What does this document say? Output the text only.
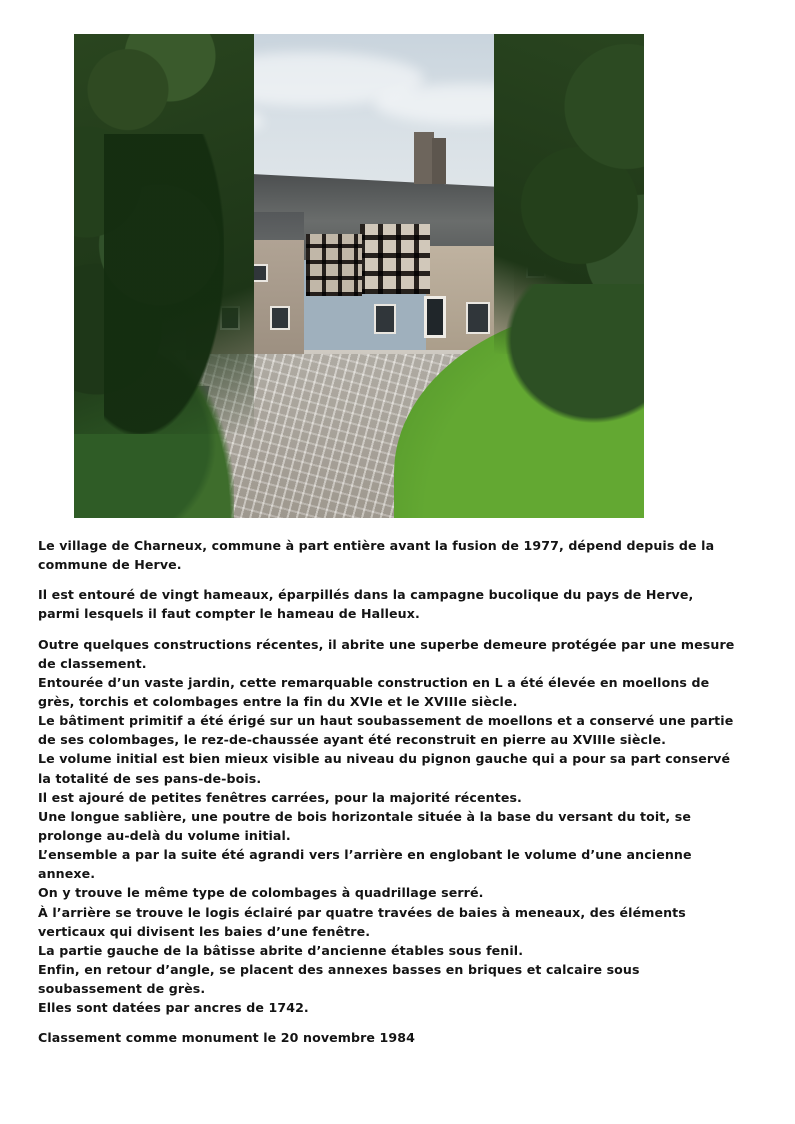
Le village de Charneux, commune à part entière avant la fusion de 1977, dépend depuis de la commune de Herve.

Il est entouré de vingt hameaux, éparpillés dans la campagne bucolique du pays de Herve, parmi lesquels il faut compter le hameau de Halleux.

Outre quelques constructions récentes, il abrite une superbe demeure protégée par une mesure de classement.

Entourée d’un vaste jardin, cette remarquable construction en L a été élevée en moellons de grès, torchis et colombages entre la fin du XVIe et le XVIIIe siècle.

Le bâtiment primitif a été érigé sur un haut soubassement de moellons et a conservé une partie de ses colombages, le rez-de-chaussée ayant été reconstruit en pierre au XVIIIe siècle.

Le volume initial est bien mieux visible au niveau du pignon gauche qui a pour sa part conservé la totalité de ses pans-de-bois.

Il est ajouré de petites fenêtres carrées, pour la majorité récentes.

Une longue sablière, une poutre de bois horizontale située à la base du versant du toit, se prolonge au-delà du volume initial.

L’ensemble a par la suite été agrandi vers l’arrière en englobant le volume d’une ancienne annexe.

On y trouve le même type de colombages à quadrillage serré.

À l’arrière se trouve le logis éclairé par quatre travées de baies à meneaux, des éléments verticaux qui divisent les baies d’une fenêtre.

La partie gauche de la bâtisse abrite d’ancienne étables sous fenil.

Enfin, en retour d’angle, se placent des annexes basses en briques et calcaire sous soubassement de grès.

Elles sont datées par ancres de 1742.

Classement comme monument le 20 novembre 1984
